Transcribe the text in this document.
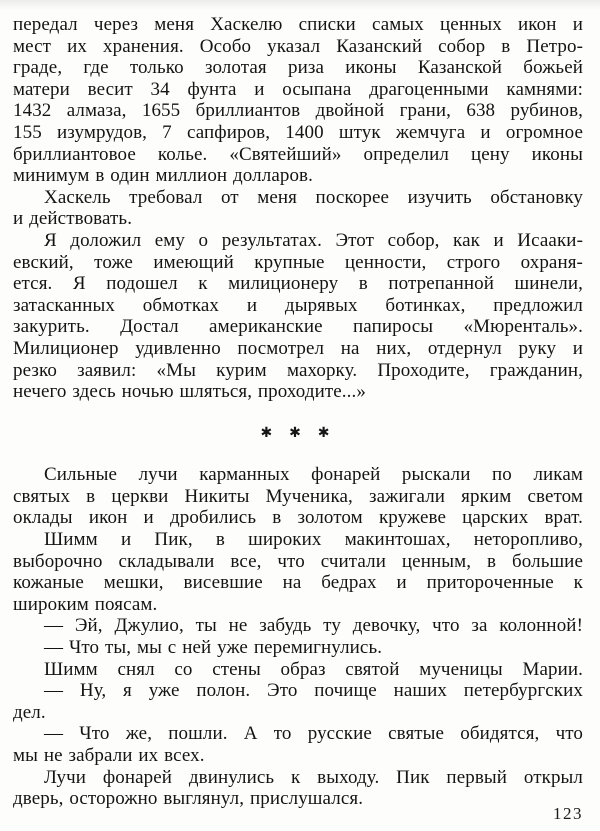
передал через меня Хаскелю списки самых ценных икон и
мест их хранения. Особо указал Казанский собор в Петро-
граде, где только золотая риза иконы Казанской божьей
матери весит 34 фунта и осыпана драгоценными камнями:
1432 алмаза, 1655 бриллиантов двойной грани, 638 рубинов,
155 изумрудов, 7 сапфиров, 1400 штук жемчуга и огромное
бриллиантовое колье. «Святейший» определил цену иконы
минимум в один миллион долларов.
Хаскель требовал от меня поскорее изучить обстановку
и действовать.
Я доложил ему о результатах. Этот собор, как и Исааки-
евский, тоже имеющий крупные ценности, строго охраня-
ется. Я подошел к милиционеру в потрепанной шинели,
затасканных обмотках и дырявых ботинках, предложил
закурить. Достал американские папиросы «Мюренталь».
Милиционер удивленно посмотрел на них, отдернул руку и
резко заявил: «Мы курим махорку. Проходите, гражданин,
нечего здесь ночью шляться, проходите...»
✱ ✱ ✱
Сильные лучи карманных фонарей рыскали по ликам
святых в церкви Никиты Мученика, зажигали ярким светом
оклады икон и дробились в золотом кружеве царских врат.
Шимм и Пик, в широких макинтошах, неторопливо,
выборочно складывали все, что считали ценным, в большие
кожаные мешки, висевшие на бедрах и приторoченные к
широким поясам.
— Эй, Джулио, ты не забудь ту девочку, что за колонной!
— Что ты, мы с ней уже перемигнулись.
Шимм снял со стены образ святой мученицы Марии.
— Ну, я уже полон. Это почище наших петербургских
дел.
— Что же, пошли. А то русские святые обидятся, что
мы не забрали их всех.
Лучи фонарей двинулись к выходу. Пик первый открыл
дверь, осторожно выглянул, прислушался.
123
